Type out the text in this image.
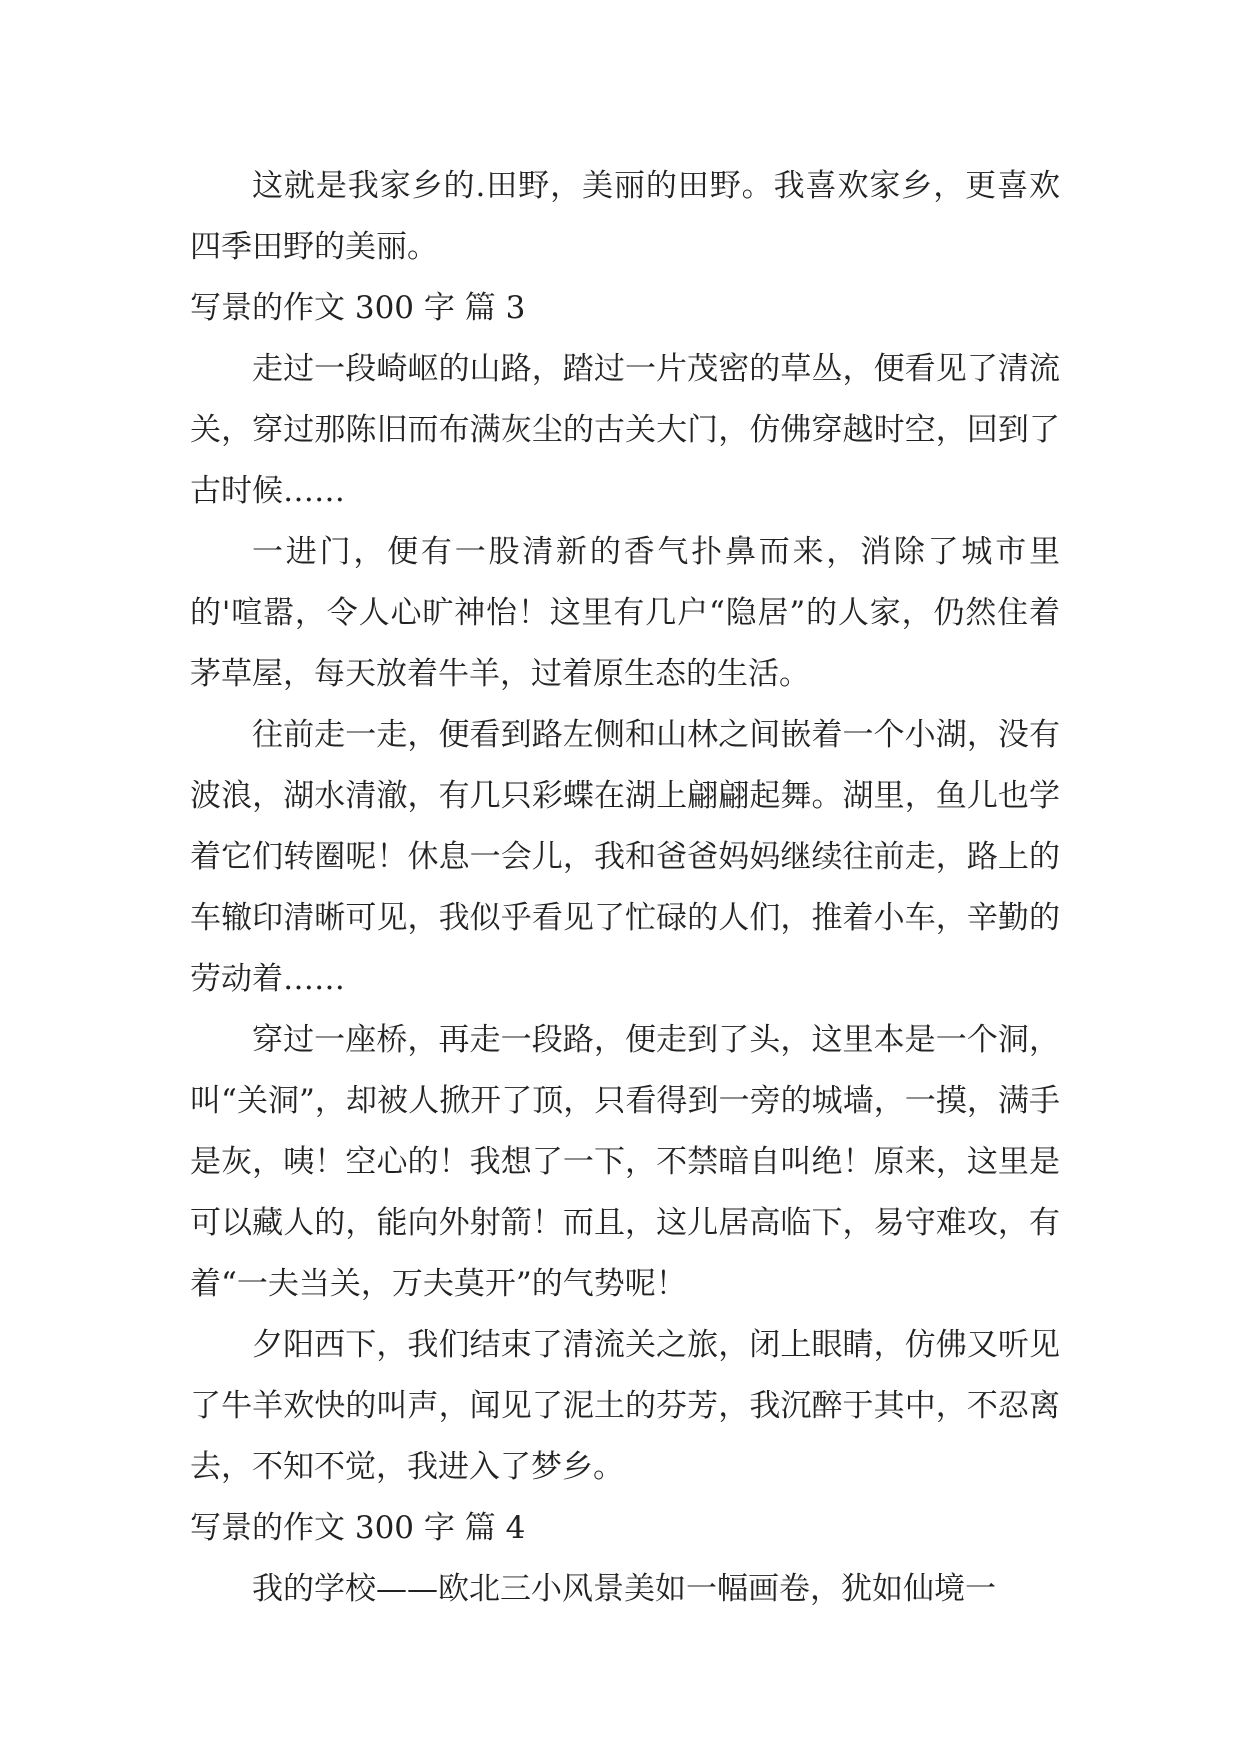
这就是我家乡的.田野，美丽的田野。我喜欢家乡，更喜欢四季田野的美丽。

写景的作文 300 字 篇 3

走过一段崎岖的山路，踏过一片茂密的草丛，便看见了清流关，穿过那陈旧而布满灰尘的古关大门，仿佛穿越时空，回到了古时候……

一进门，便有一股清新的香气扑鼻而来，消除了城市里的'喧嚣，令人心旷神怡！这里有几户“隐居”的人家，仍然住着茅草屋，每天放着牛羊，过着原生态的生活。

往前走一走，便看到路左侧和山林之间嵌着一个小湖，没有波浪，湖水清澈，有几只彩蝶在湖上翩翩起舞。湖里，鱼儿也学着它们转圈呢！休息一会儿，我和爸爸妈妈继续往前走，路上的车辙印清晰可见，我似乎看见了忙碌的人们，推着小车，辛勤的劳动着……

穿过一座桥，再走一段路，便走到了头，这里本是一个洞，叫“关洞”，却被人掀开了顶，只看得到一旁的城墙，一摸，满手是灰，咦！空心的！我想了一下，不禁暗自叫绝！原来，这里是可以藏人的，能向外射箭！而且，这儿居高临下，易守难攻，有着“一夫当关，万夫莫开”的气势呢！

夕阳西下，我们结束了清流关之旅，闭上眼睛，仿佛又听见了牛羊欢快的叫声，闻见了泥土的芬芳，我沉醉于其中，不忍离去，不知不觉，我进入了梦乡。

写景的作文 300 字 篇 4

我的学校——欧北三小风景美如一幅画卷，犹如仙境一
